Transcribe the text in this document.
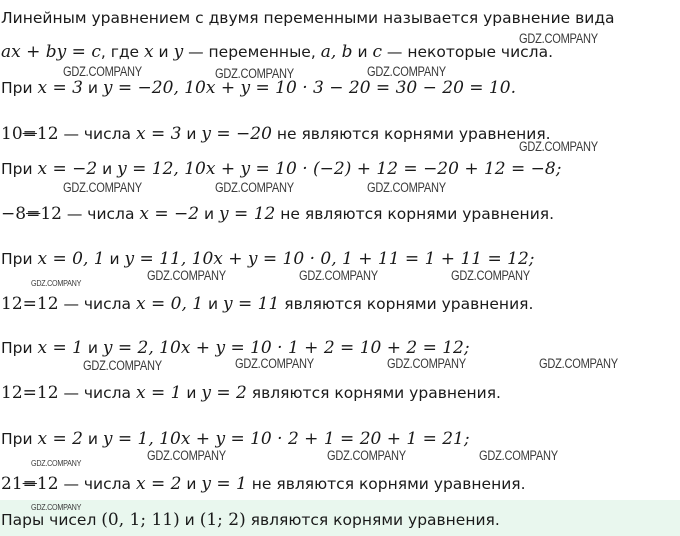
Линейным уравнением с двумя переменными называется уравнение вида
ax + by = c, где x и y — переменные, a, b и c — некоторые числа.
При x = 3 и y = −20, 10x + y = 10 · 3 − 20 = 30 − 20 = 10.
10=12 — числа x = 3 и y = −20 не являются корнями уравнения.
При x = −2 и y = 12, 10x + y = 10 · (−2) + 12 = −20 + 12 = −8;
−8=12 — числа x = −2 и y = 12 не являются корнями уравнения.
При x = 0, 1 и y = 11, 10x + y = 10 · 0, 1 + 11 = 1 + 11 = 12;
12=12 — числа x = 0, 1 и y = 11 являются корнями уравнения.
При x = 1 и y = 2, 10x + y = 10 · 1 + 2 = 10 + 2 = 12;
12=12 — числа x = 1 и y = 2 являются корнями уравнения.
При x = 2 и y = 1, 10x + y = 10 · 2 + 1 = 20 + 1 = 21;
21=12 — числа x = 2 и y = 1 не являются корнями уравнения.
Пары чисел (0, 1; 11) и (1; 2) являются корнями уравнения.
GDZ.COMPANY
GDZ.COMPANY	GDZ.COMPANY	GDZ.COMPANY
GDZ.COMPANY
GDZ.COMPANY	GDZ.COMPANY	GDZ.COMPANY
GDZ.COMPANY	GDZ.COMPANY	GDZ.COMPANY
GDZ.COMPANY
GDZ.COMPANY	GDZ.COMPANY	GDZ.COMPANY	GDZ.COMPANY
GDZ.COMPANY	GDZ.COMPANY	GDZ.COMPANY
GDZ.COMPANY
GDZ.COMPANY
